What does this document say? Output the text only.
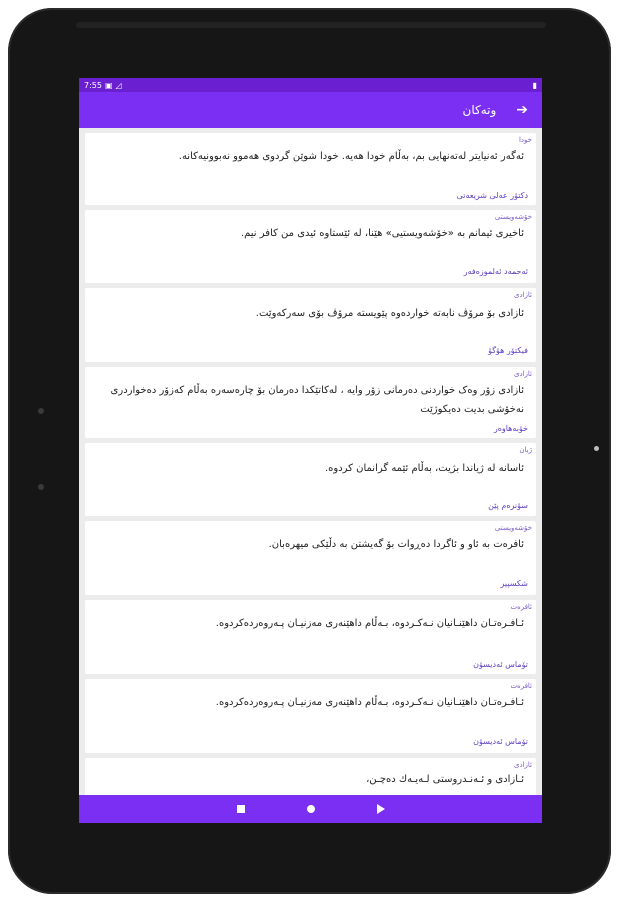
7:55 ▣ ◿	▮
وتەکان ➔
خودا
ئەگەر ئەنیایتر لەتەنهایی بم، بەڵام خودا هەیە. خودا شوێن گردوی هەموو نەبوونیەکانە.
دکتۆر عەلی شریعەتی
خۆشەویستی
ئاخیری ئیمانم بە «خۆشەویستیی» هێنا، لە ئێستاوە ئیدی من کافر نیم.
ئەحمەد ئەلموزەفەر
ئازادی
ئازادی بۆ مرۆڤ نابەتە خواردەوە پێویستە مرۆڤ بۆی سەرکەوێت.
فیکتۆر هۆگۆ
ئازادی
ئازادی زۆر وەک خواردنی دەرمانی زۆر وایە ، لەکاتێکدا دەرمان بۆ چارەسەرە بەڵام کەزۆر دەخواردری نەخۆشی بدیت دەیکوژێت
خۆبەهاوەر
ژیان
ئاسانە لە ژیاندا بژیت، بەڵام ئێمە گرانمان کردوە.
سۆنرەم پێن
خۆشەویستی
ئافرەت بە ئاو و ئاگردا دەڕوات بۆ گەیشتن بە دڵێکی میهرەبان.
شکسپیر
ئافرەت
ئـافـرەتـان داهێنـانیان نـەکـردوە، بـەڵام داهێنەری مەزنیـان پـەروەردەکردوە.
تۆماس ئەدیسۆن
ئافرەت
ئـافـرەتـان داهێنـانیان نـەکـردوە، بـەڵام داهێنەری مەزنیـان پـەروەردەکردوە.
تۆماس ئەدیسۆن
ئازادی
ئـازادی و ئـەنـدروستی لـەیـەك دەچـن،
